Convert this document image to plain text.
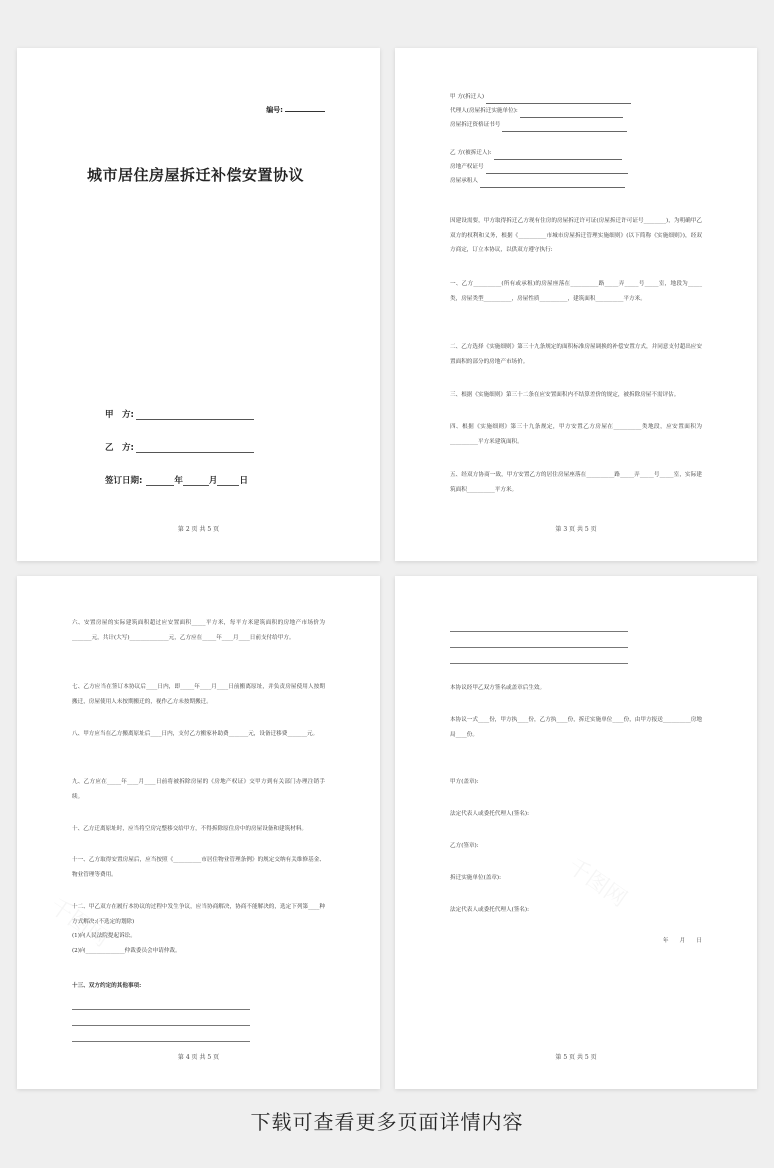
编号:
城市居住房屋拆迁补偿安置协议
甲　方:
乙　方:
签订日期:	年	月	日
第 2 页 共 5 页
甲 方(拆迁人)
代理人(房屋拆迁实施单位):
房屋拆迁资格证书号
乙 方(被拆迁人):
房地产权证号
房屋承租人

因建设需要，甲方取得拆迁乙方现有住房的房屋拆迁许可证(房屋拆迁许可证号________)，为明确甲乙双方的权利和义务，根据《__________市城市房屋拆迁管理实施细则》(以下简称《实施细则》)，经双方商定，订立本协议，以供双方遵守执行:

一、乙方__________(所有或承租)的房屋座落在__________路_____弄_____号_____室，地段为_____类，房屋类型__________，房屋性质__________，建筑面积__________平方米。

二、乙方选择《实施细则》第三十九条规定的面积标准房屋调换的补偿安置方式，并同意支付超出应安置面积的部分的房地产市场价。

三、根据《实施细则》第三十二条在应安置面积内不结算差价的规定，被拆除房屋不需评估。

四、根据《实施细则》第三十九条规定，甲方安置乙方房屋在__________类地段，应安置面积为__________平方米建筑面积。

五、经双方协商一致，甲方安置乙方的居住房屋座落在__________路_____弄_____号_____室，实际建筑面积__________平方米。

第 3 页 共 5 页

六、安置房屋的实际建筑面积超过应安置面积_____平方米，每平方米建筑面积的房地产市场价为_______元，共计(大写)______________元，乙方应在_____年____月____日前支付给甲方。

七、乙方应当在签订本协议后____日内，即_____年____月____日前搬离原址，并负责房屋使用人按期搬迁，房屋使用人未按期搬迁的，视作乙方未按期搬迁。

八、甲方应当在乙方搬离原址后____日内，支付乙方搬家补助费_______元，设备迁移费_______元。

九、乙方应在_____年____月____日前将被拆除房屋的《房地产权证》交甲方到有关部门办理注销手续。

十、乙方迁离原址时，应当将空房完整移交给甲方，不得拆除原住房中的房屋设备和建筑材料。

十一、乙方取得安置房屋后，应当按照《__________市居住物业管理条例》的规定交纳有关维修基金、物业管理等费用。

十二、甲乙双方在履行本协议的过程中发生争议，应当协商解决，协商不能解决的，选定下列第____种方式解决:(不选定的划除)

(1)向人民法院提起诉讼。

(2)向______________仲裁委员会申请仲裁。

十三、双方约定的其他事项:

第 4 页 共 5 页

本协议经甲乙双方签名或盖章后生效。

本协议一式____份，甲方执____份，乙方执____份，拆迁实施单位____份，由甲方报送__________房地局____份。

甲方(盖章):

法定代表人或委托代理人(签名):

乙方(签章):

拆迁实施单位(盖章):

法定代表人或委托代理人(签名):

年　　月　　日

第 5 页 共 5 页
下载可查看更多页面详情内容
